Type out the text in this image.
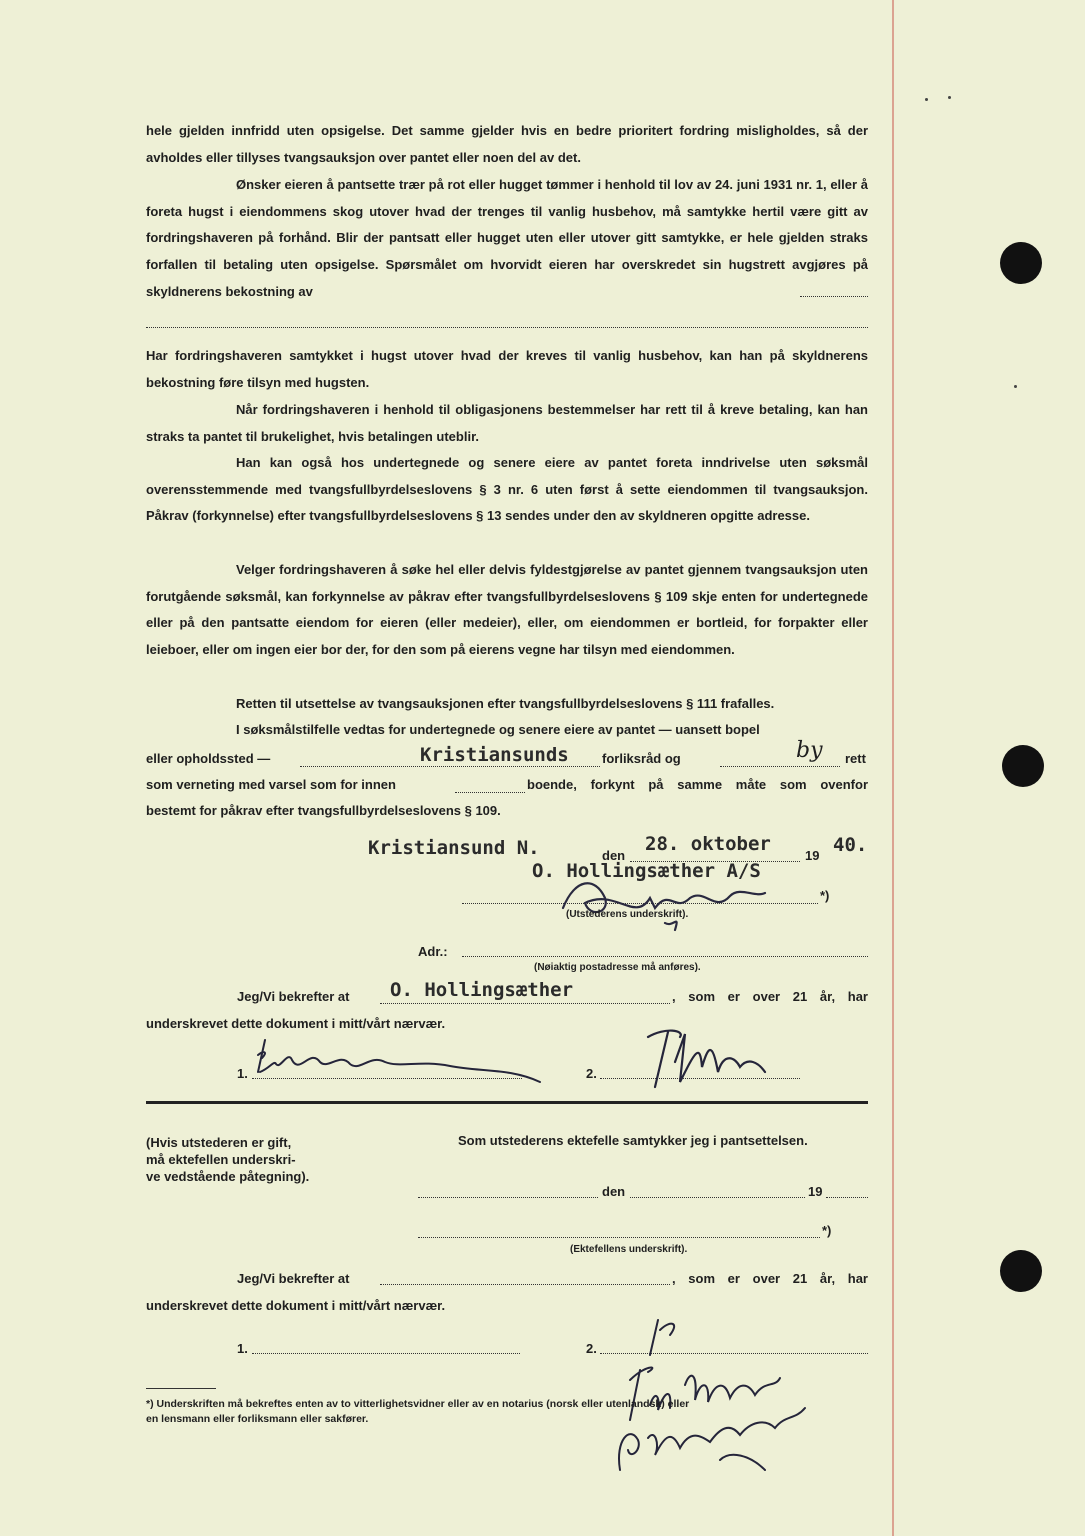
hele gjelden innfridd uten opsigelse. Det samme gjelder hvis en bedre prioritert fordring misligholdes, så der avholdes eller tillyses tvangsauksjon over pantet eller noen del av det.
Ønsker eieren å pantsette trær på rot eller hugget tømmer i henhold til lov av 24. juni 1931 nr. 1, eller å foreta hugst i eiendommens skog utover hvad der trenges til vanlig husbehov, må samtykke hertil være gitt av fordringshaveren på forhånd. Blir der pantsatt eller hugget uten eller utover gitt samtykke, er hele gjelden straks forfallen til betaling uten opsigelse. Spørsmålet om hvorvidt eieren har overskredet sin hugstrett avgjøres på skyldnerens bekostning av
Har fordringshaveren samtykket i hugst utover hvad der kreves til vanlig husbehov, kan han på skyldnerens bekostning føre tilsyn med hugsten.
Når fordringshaveren i henhold til obligasjonens bestemmelser har rett til å kreve betaling, kan han straks ta pantet til brukelighet, hvis betalingen uteblir.
Han kan også hos undertegnede og senere eiere av pantet foreta inndrivelse uten søksmål overensstemmende med tvangsfullbyrdelseslovens § 3 nr. 6 uten først å sette eiendommen til tvangsauksjon. Påkrav (forkynnelse) efter tvangsfullbyrdelseslovens § 13 sendes under den av skyldneren opgitte adresse.
Velger fordringshaveren å søke hel eller delvis fyldestgjørelse av pantet gjennem tvangsauksjon uten forutgående søksmål, kan forkynnelse av påkrav efter tvangsfullbyrdelseslovens § 109 skje enten for undertegnede eller på den pantsatte eiendom for eieren (eller medeier), eller, om eiendommen er bortleid, for forpakter eller leieboer, eller om ingen eier bor der, for den som på eierens vegne har tilsyn med eiendommen.
Retten til utsettelse av tvangsauksjonen efter tvangsfullbyrdelseslovens § 111 frafalles.
I søksmålstilfelle vedtas for undertegnede og senere eiere av pantet — uansett bopel
eller opholdssted —	Kristiansunds	forliksråd og	by rett
som verneting med varsel som for innen	boende, forkynt på samme måte som ovenfor
bestemt for påkrav efter tvangsfullbyrdelseslovens § 109.
Kristiansund N.	den
28. oktober
19 40.
O. Hollingsæther A/S
*)
(Utstederens underskrift).
Adr.:
(Nøiaktig postadresse må anføres).
Jeg/Vi bekrefter at O. Hollingsæther	, som er over 21 år, har
underskrevet dette dokument i mitt/vårt nærvær.
1.	2.
(Hvis utstederen er gift,
må ektefellen underskri-
ve vedstående påtegning).
Som utstederens ektefelle samtykker jeg i pantsettelsen.
den	19
*)
(Ektefellens underskrift).
Jeg/Vi bekrefter at	, som er over 21 år, har
underskrevet dette dokument i mitt/vårt nærvær.
1.	2.
*) Underskriften må bekreftes enten av to vitterlighetsvidner eller av en notarius (norsk eller utenlandsk) eller
en lensmann eller forliksmann eller sakfører.
